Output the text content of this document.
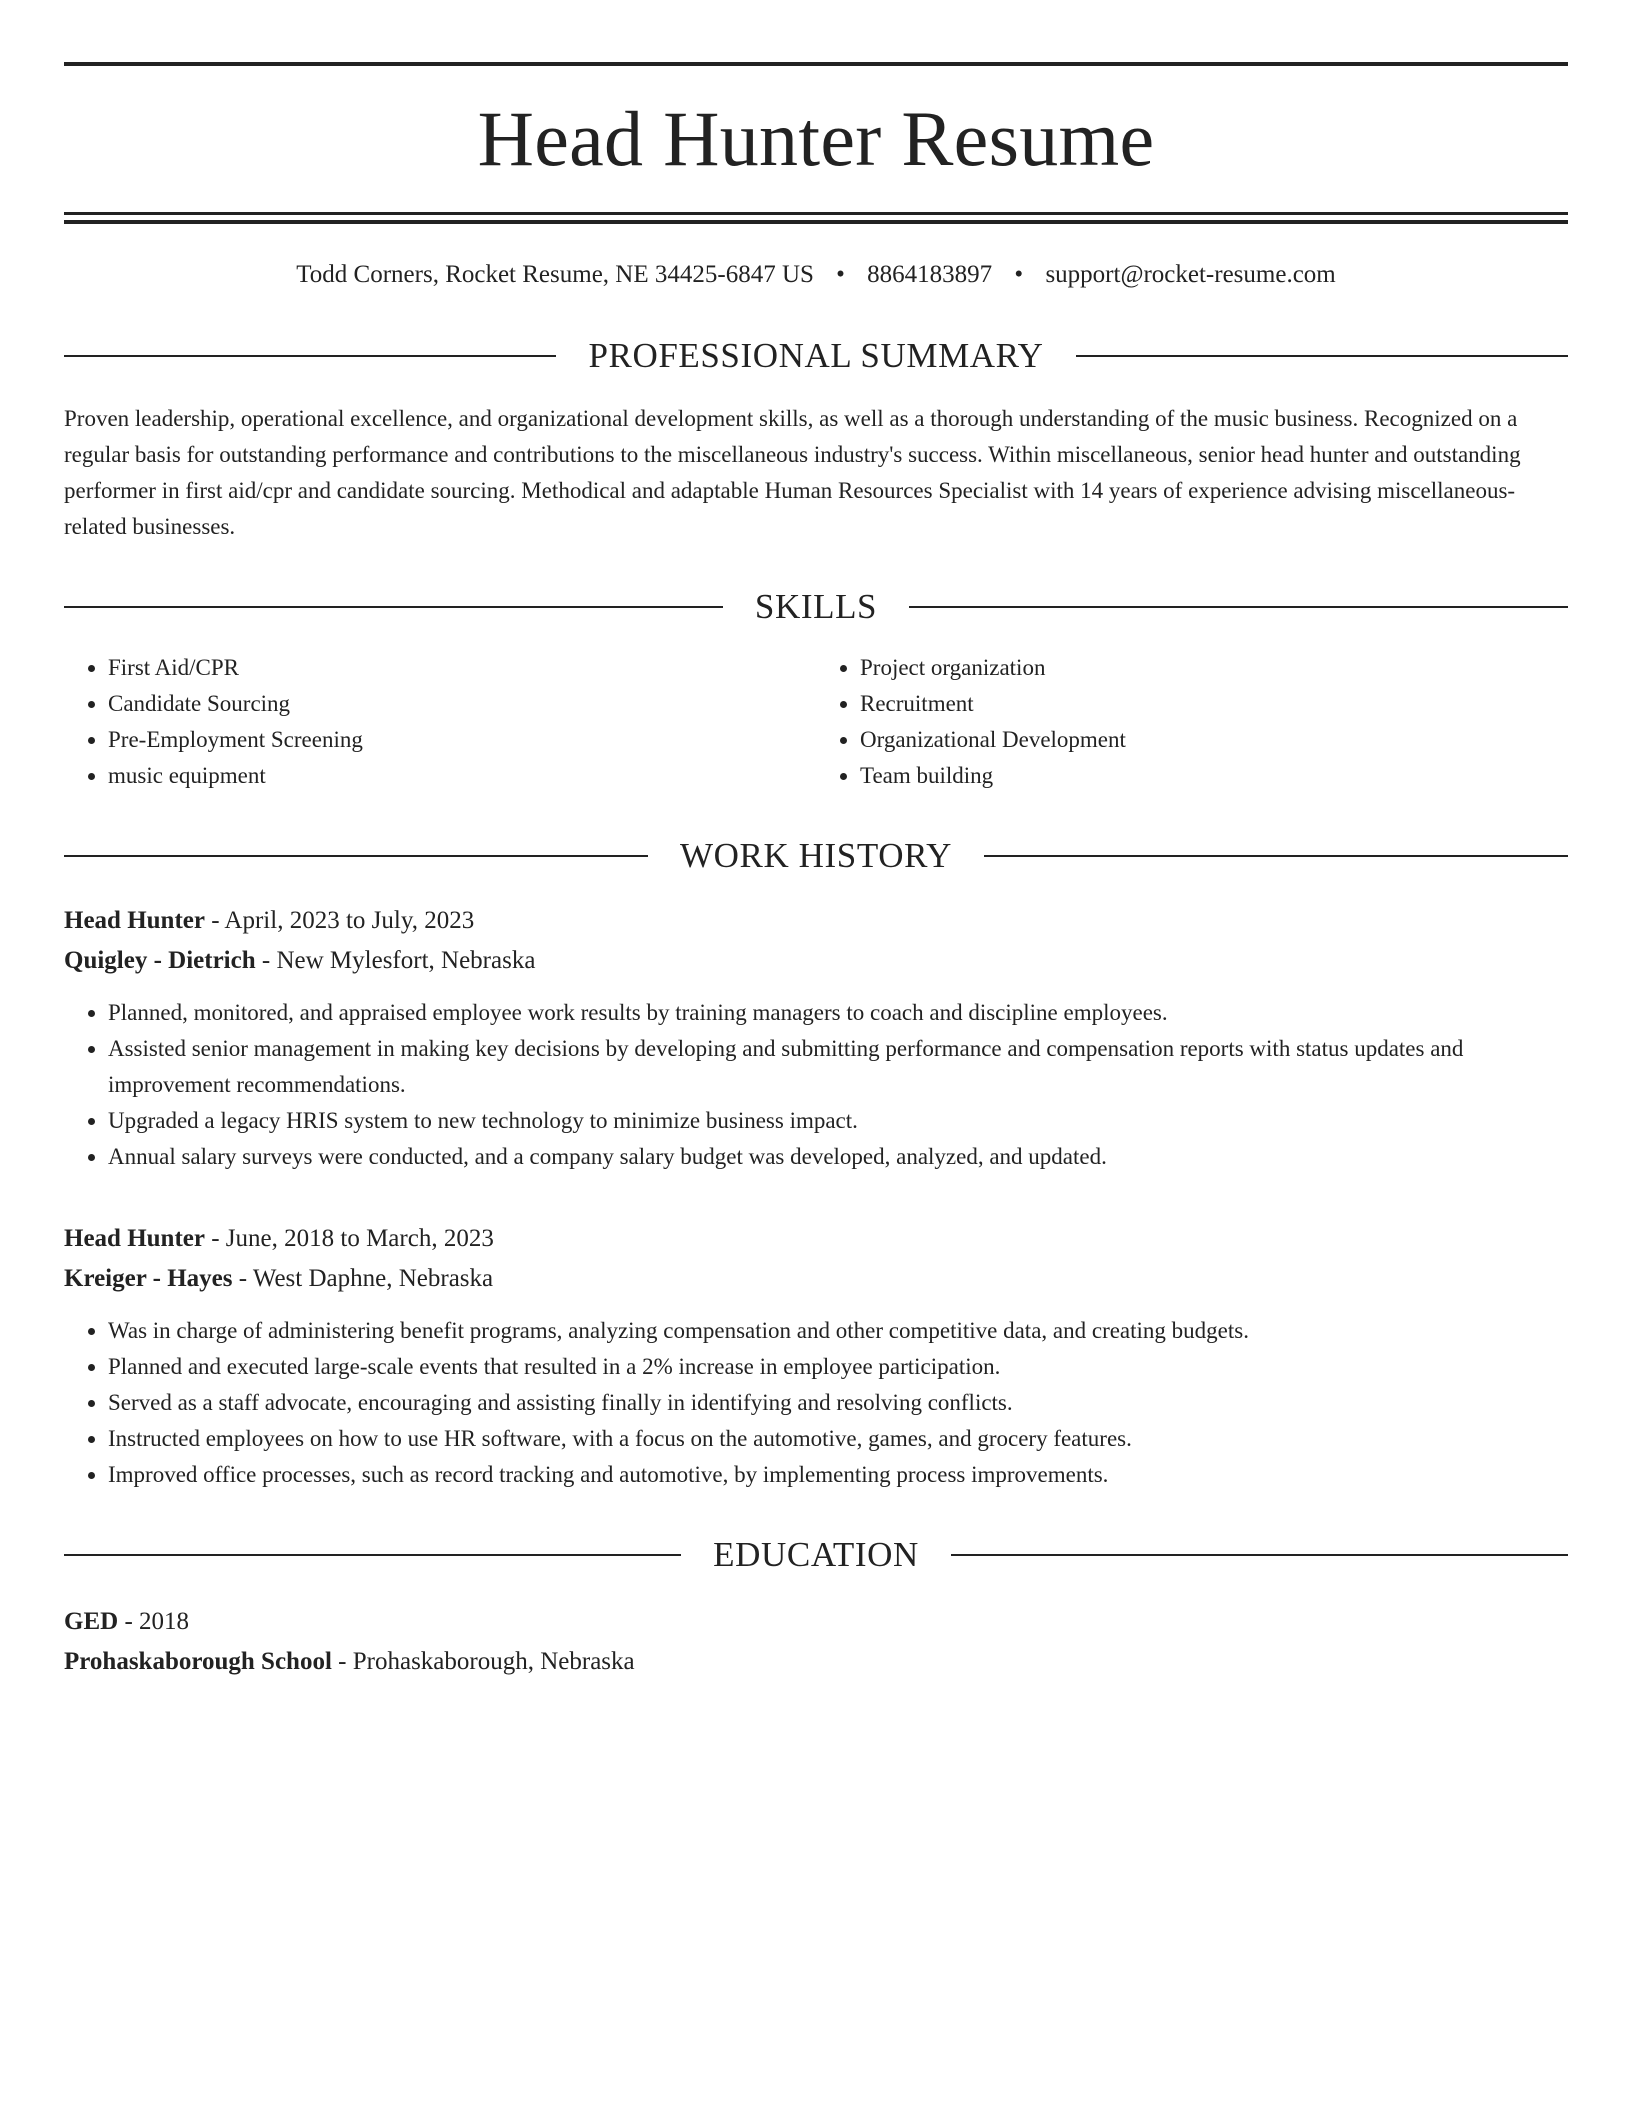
Head Hunter Resume
Todd Corners, Rocket Resume, NE 34425-6847 US • 8864183897 • support@rocket-resume.com
PROFESSIONAL SUMMARY

Proven leadership, operational excellence, and organizational development skills, as well as a thorough understanding of the music business. Recognized on a regular basis for outstanding performance and contributions to the miscellaneous industry's success. Within miscellaneous, senior head hunter and outstanding performer in first aid/cpr and candidate sourcing. Methodical and adaptable Human Resources Specialist with 14 years of experience advising miscellaneous-related businesses.

SKILLS
• First Aid/CPR
• Candidate Sourcing
• Pre-Employment Screening
• music equipment
• Project organization
• Recruitment
• Organizational Development
• Team building
WORK HISTORY
Head Hunter - April, 2023 to July, 2023
Quigley - Dietrich - New Mylesfort, Nebraska
• Planned, monitored, and appraised employee work results by training managers to coach and discipline employees.
• Assisted senior management in making key decisions by developing and submitting performance and compensation reports with status updates and improvement recommendations.
• Upgraded a legacy HRIS system to new technology to minimize business impact.
• Annual salary surveys were conducted, and a company salary budget was developed, analyzed, and updated.
Head Hunter - June, 2018 to March, 2023
Kreiger - Hayes - West Daphne, Nebraska
• Was in charge of administering benefit programs, analyzing compensation and other competitive data, and creating budgets.
• Planned and executed large-scale events that resulted in a 2% increase in employee participation.
• Served as a staff advocate, encouraging and assisting finally in identifying and resolving conflicts.
• Instructed employees on how to use HR software, with a focus on the automotive, games, and grocery features.
• Improved office processes, such as record tracking and automotive, by implementing process improvements.
EDUCATION
GED - 2018
Prohaskaborough School - Prohaskaborough, Nebraska
